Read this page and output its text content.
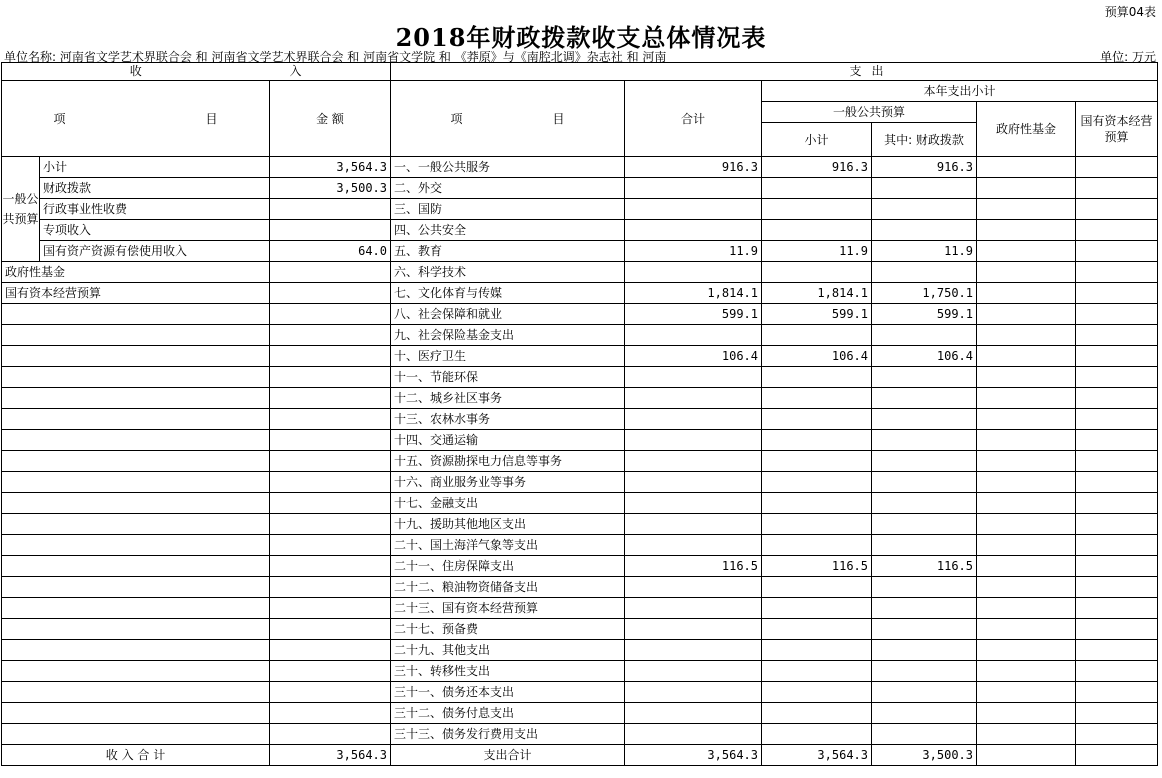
预算04表
2018年财政拨款收支总体情况表
单位名称: 河南省文学艺术界联合会 和 河南省文学艺术界联合会 和 河南省文学院 和 《莽原》与《南腔北调》杂志社 和 河南	单位: 万元
收		入	支			出		
项 目		金 额	项 目	合计	本年支出小计			
					一般公共预算		政府性基金	国有资本经营预算
					小计	其中: 财政拨款		
一般公共预算	小计	3,564.3	一、一般公共服务	916.3	916.3	916.3		
	财政拨款	3,500.3	二、外交					
	行政事业性收费		三、国防					
	专项收入		四、公共安全					
	国有资产资源有偿使用收入	64.0	五、教育	11.9	11.9	11.9		
政府性基金			六、科学技术					
国有资本经营预算			七、文化体育与传媒	1,814.1	1,814.1	1,750.1		
			八、社会保障和就业	599.1	599.1	599.1		
			九、社会保险基金支出					
			十、医疗卫生	106.4	106.4	106.4		
			十一、节能环保					
			十二、城乡社区事务					
			十三、农林水事务					
			十四、交通运输					
			十五、资源勘探电力信息等事务					
			十六、商业服务业等事务					
			十七、金融支出					
			十九、援助其他地区支出					
			二十、国土海洋气象等支出					
			二十一、住房保障支出	116.5	116.5	116.5		
			二十二、粮油物资储备支出					
			二十三、国有资本经营预算					
			二十七、预备费					
			二十九、其他支出					
			三十、转移性支出					
			三十一、债务还本支出					
			三十二、债务付息支出					
			三十三、债务发行费用支出					
收 入 合 计		3,564.3	支出合计	3,564.3	3,564.3	3,500.3		
